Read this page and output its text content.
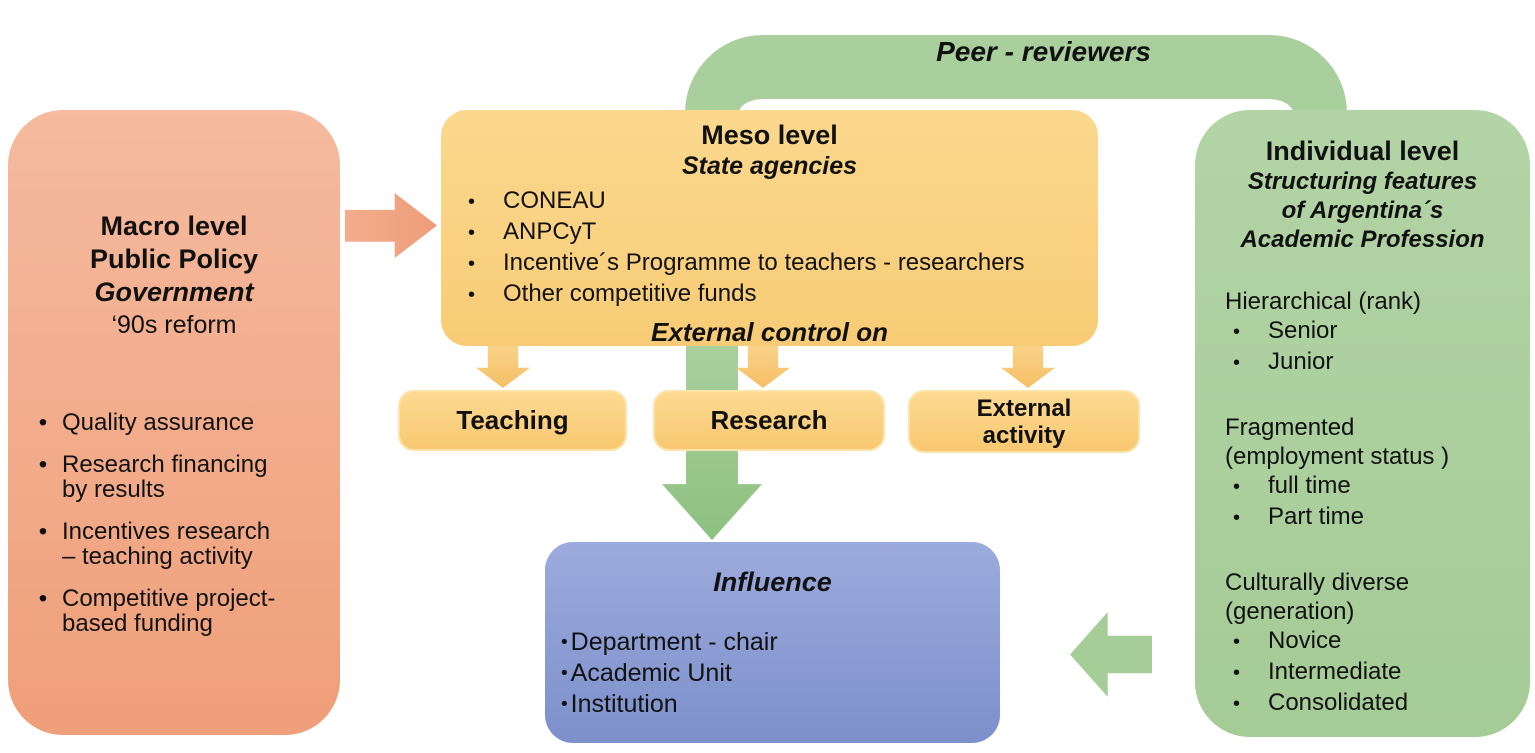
Peer - reviewers
Macro level
Public Policy
Government
‘90s reform
• Quality assurance
• Research financing
by results
• Incentives research
– teaching activity
• Competitive project-
based funding
Meso level
State agencies
• CONEAU
• ANPCyT
• Incentive´s Programme to teachers - researchers
• Other competitive funds
External control on
Teaching	Research	External
activity
Influence
• Department - chair
• Academic Unit
• Institution
Individual level
Structuring features
of Argentina´s
Academic Profession
Hierarchical (rank)
• Senior
• Junior
Fragmented
(employment status )
• full time
• Part time
Culturally diverse
(generation)
• Novice
• Intermediate
• Consolidated
